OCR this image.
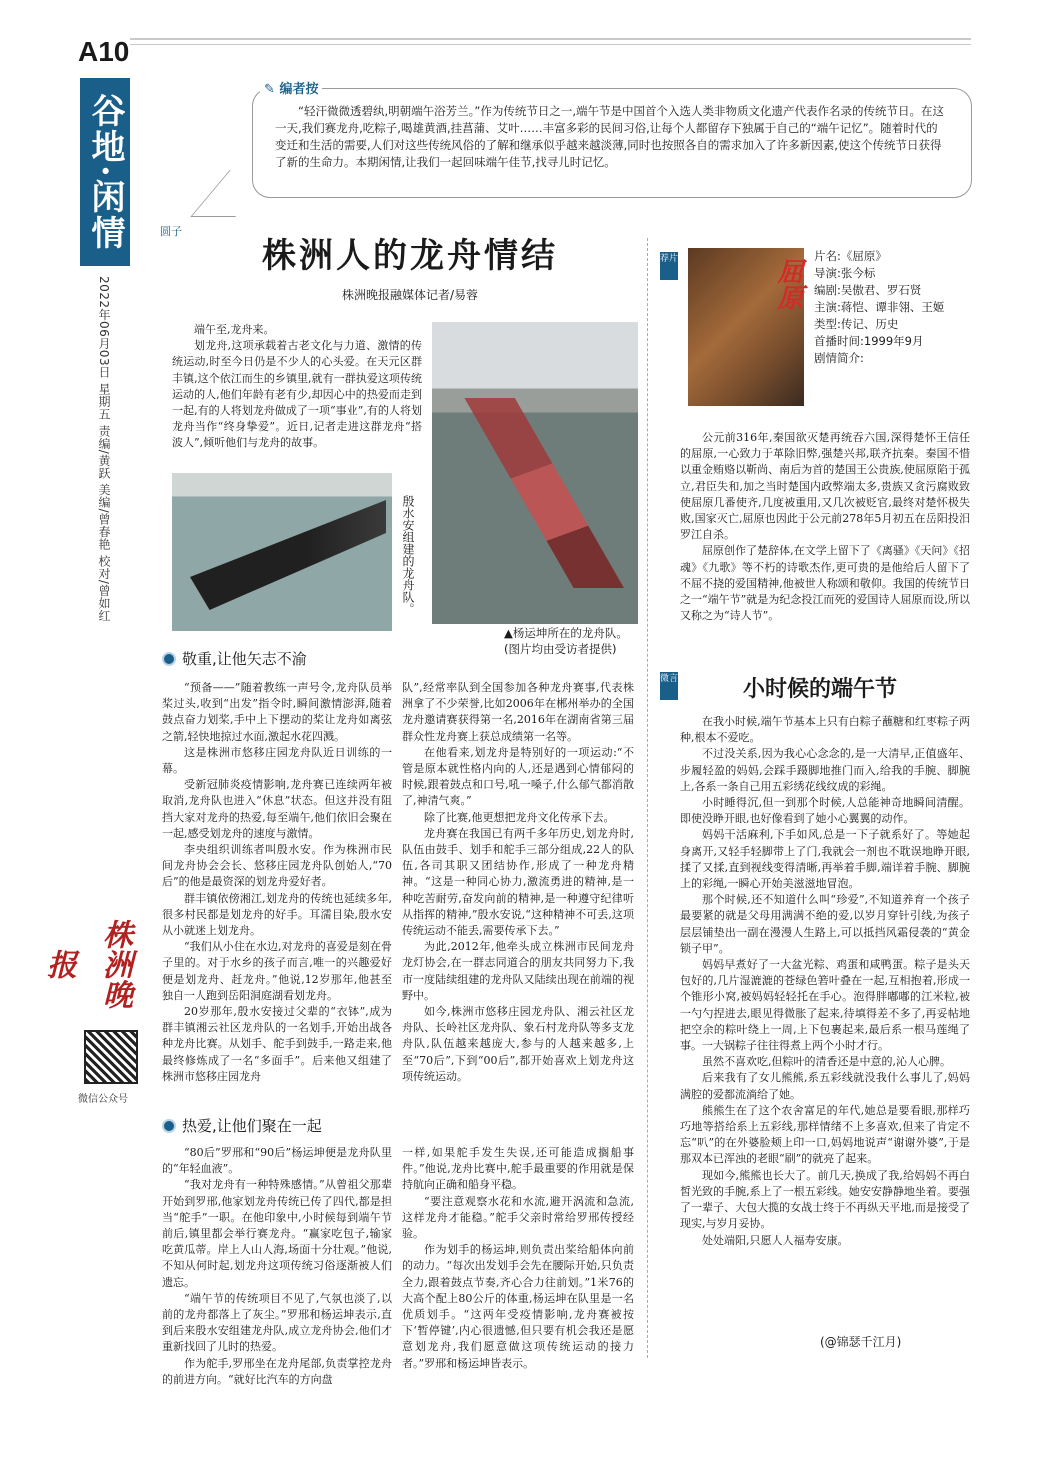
A10
谷地·闲情
2022年06月03日 星期五 责编/黄跃 美编/曾春艳 校对/曾如红
株洲晚报
微信公众号
“轻汗微微透碧纨,明朝端午浴芳兰。”作为传统节日之一,端午节是中国首个入选人类非物质文化遗产代表作名录的传统节日。在这一天,我们赛龙舟,吃粽子,喝雄黄酒,挂菖蒲、艾叶……丰富多彩的民间习俗,让每个人都留存下独属于自己的“端午记忆”。随着时代的变迁和生活的需要,人们对这些传统风俗的了解和继承似乎越来越淡薄,同时也按照各自的需求加入了许多新因素,使这个传统节日获得了新的生命力。本期闲情,让我们一起回味端午佳节,找寻儿时记忆。
✎ 编者按
圆子
株洲人的龙舟情结
株洲晚报融媒体记者/易蓉

端午至,龙舟来。

划龙舟,这项承载着古老文化与力道、激情的传统运动,时至今日仍是不少人的心头爱。在天元区群丰镇,这个依江而生的乡镇里,就有一群执爱这项传统运动的人,他们年龄有老有少,却因心中的热爱而走到一起,有的人将划龙舟做成了一项“事业”,有的人将划龙舟当作“终身挚爱”。近日,记者走进这群龙舟“搭波人”,倾听他们与龙舟的故事。

殷水安组建的龙舟队。
▲杨运坤所在的龙舟队。(图片均由受访者提供)
敬重,让他矢志不渝

“预备——”随着教练一声号令,龙舟队员举桨过头,收到“出发”指令时,瞬间激情澎湃,随着鼓点奋力划桨,手中上下摆动的桨让龙舟如离弦之箭,轻快地掠过水面,激起水花四溅。

这是株洲市悠移庄园龙舟队近日训练的一幕。

受新冠肺炎疫情影响,龙舟赛已连续两年被取消,龙舟队也进入“休息”状态。但这并没有阻挡大家对龙舟的热爱,每至端午,他们依旧会聚在一起,感受划龙舟的速度与激情。

李央组织训练者叫殷水安。作为株洲市民间龙舟协会会长、悠移庄园龙舟队创始人,“70后”的他是最资深的划龙舟爱好者。

群丰镇依傍湘江,划龙舟的传统也延续多年,很多村民都是划龙舟的好手。耳濡目染,殷水安从小就迷上划龙舟。

“我们从小住在水边,对龙舟的喜爱是刻在骨子里的。对于水乡的孩子而言,唯一的兴趣爱好便是划龙舟、赶龙舟。”他说,12岁那年,他甚至独自一人跑到岳阳洞庭湖看划龙舟。

20岁那年,殷水安接过父辈的“衣钵”,成为群丰镇湘云社区龙舟队的一名划手,开始出战各种龙舟比赛。从划手、舵手到鼓手,一路走来,他最终修炼成了一名“多面手”。后来他又组建了株洲市悠移庄园龙舟

队”,经常率队到全国参加各种龙舟赛事,代表株洲拿了不少荣誉,比如2006年在郴州举办的全国龙舟邀请赛获得第一名,2016年在湖南省第三届群众性龙舟赛上获总成绩第一名等。

在他看来,划龙舟是特别好的一项运动:“不管是原本就性格内向的人,还是遇到心情郁闷的时候,跟着鼓点和口号,吼一嗓子,什么郁气都消散了,神清气爽。”

除了比赛,他更想把龙舟文化传承下去。

龙舟赛在我国已有两千多年历史,划龙舟时,队伍由鼓手、划手和舵手三部分组成,22人的队伍,各司其职又团结协作,形成了一种龙舟精神。“这是一种同心协力,激流勇进的精神,是一种吃苦耐劳,奋发向前的精神,是一种遵守纪律听从指挥的精神,”殷水安说,“这种精神不可丢,这项传统运动不能丢,需要传承下去。”

为此,2012年,他牵头成立株洲市民间龙舟龙灯协会,在一群志同道合的朋友共同努力下,我市一度陆续组建的龙舟队又陆续出现在前端的视野中。

如今,株洲市悠移庄园龙舟队、湘云社区龙舟队、长岭社区龙舟队、象石村龙舟队等多支龙舟队,队伍越来越庞大,参与的人越来越多,上至“70后”,下到“00后”,都开始喜欢上划龙舟这项传统运动。

热爱,让他们聚在一起

“80后”罗邢和“90后”杨运坤便是龙舟队里的“年轻血液”。

“我对龙舟有一种特殊感情。”从曾祖父那辈开始到罗邢,他家划龙舟传统已传了四代,都是担当“舵手”一职。在他印象中,小时候每到端午节前后,镇里都会举行赛龙舟。“赢家吃包子,输家吃黄瓜蒂。岸上人山人海,场面十分壮观。”他说,不知从何时起,划龙舟这项传统习俗逐渐被人们遗忘。

“端午节的传统项目不见了,气氛也淡了,以前的龙舟都落上了灰尘。”罗邢和杨运坤表示,直到后来殷水安组建龙舟队,成立龙舟协会,他们才重新找回了儿时的热爱。

作为舵手,罗邢坐在龙舟尾部,负责掌控龙舟的前进方向。“就好比汽车的方向盘

一样,如果舵手发生失误,还可能造成搁船事件。”他说,龙舟比赛中,舵手最重要的作用就是保持航向正确和船身平稳。

“要注意观察水花和水流,避开涡流和急流,这样龙舟才能稳。”舵手父亲时常给罗邢传授经验。

作为划手的杨运坤,则负责出桨给船体向前的动力。“每次出发划手会先在腰际开始,只负责全力,跟着鼓点节奏,齐心合力往前划。”1米76的大高个配上80公斤的体重,杨运坤在队里是一名优质划手。“这两年受疫情影响,龙舟赛被按下‘暂停键’,内心很遗憾,但只要有机会我还是愿意划龙舟,我们愿意做这项传统运动的接力者。”罗邢和杨运坤皆表示。

荐片	屈原
片名:《屈原》
导演:张今标
编剧:吴傲君、罗石贤
主演:蒋恺、谭非翎、王姬
类型:传记、历史
首播时间:1999年9月
剧情简介:

公元前316年,秦国欲灭楚再统吞六国,深得楚怀王信任的屈原,一心致力于革除旧弊,强楚兴邦,联齐抗秦。秦国不惜以重金贿赂以靳尚、南后为首的楚国王公贵族,使屈原陷于孤立,君臣失和,加之当时楚国内政弊端太多,贵族又贪污腐败致使屈原几番使齐,几度被重用,又几次被贬官,最终对楚怀极失败,国家灭亡,屈原也因此于公元前278年5月初五在岳阳投汨罗江自杀。

屈原创作了楚辞体,在文学上留下了《离骚》《天问》《招魂》《九歌》等不朽的诗歌杰作,更可贵的是他给后人留下了不屈不挠的爱国精神,他被世人称颂和敬仰。我国的传统节日之一“端午节”就是为纪念投江而死的爱国诗人屈原而设,所以又称之为“诗人节”。

微言	小时候的端午节

在我小时候,端午节基本上只有白粽子蘸糖和红枣粽子两种,根本不爱吃。

不过没关系,因为我心心念念的,是一大清早,正值盛年、步履轻盈的妈妈,会踩手蹑脚地推门而入,给我的手腕、脚腕上,各系一条自己用五彩绣花线纹成的彩绳。

小时睡得沉,但一到那个时候,人总能神奇地瞬间清醒。即使没睁开眼,也好像看到了她小心翼翼的动作。

妈妈干活麻利,下手如风,总是一下子就系好了。等她起身离开,又轻手轻脚带上了门,我就会一剂也不耽误地睁开眼,揉了又揉,直到视线变得清晰,再举着手脚,端详着手腕、脚腕上的彩绳,一瞬心开始美滋滋地冒泡。

那个时候,还不知道什么叫“珍爱”,不知道养育一个孩子最要紧的就是父母用满满不绝的爱,以岁月穿针引线,为孩子层层铺垫出一副在漫漫人生路上,可以抵挡风霜侵袭的“黄金锁子甲”。

妈妈早煮好了一大盆光粽、鸡蛋和咸鸭蛋。粽子是头天包好的,几片湿漉漉的苍绿色箬叶叠在一起,互相抱着,形成一个锥形小窝,被妈妈轻轻托在手心。泡得胖嘟嘟的江米粒,被一勺勺捏进去,眼见得微胀了起来,待填得差不多了,再妥帖地把空余的粽叶绕上一周,上下包裹起来,最后系一根马莲绳了事。一大锅粽子往往得煮上两个小时才行。

虽然不喜欢吃,但粽叶的清香还是中意的,沁人心脾。

后来我有了女儿熊熊,系五彩线就没我什么事儿了,妈妈满腔的爱都流淌给了她。

熊熊生在了这个农舍富足的年代,她总是要看眼,那样巧巧地等搭给系上五彩线,那样情绪不上多喜欢,但来了肯定不忘“叭”的在外婆脸颊上印一口,妈妈地说声“谢谢外婆”,于是那双本已浑浊的老眼“刷”的就亮了起来。

现如今,熊熊也长大了。前几天,换成了我,给妈妈不再白皙光致的手腕,系上了一根五彩线。她安安静静地坐着。要强了一辈子、大包大揽的女战士终于不再纵天平地,而是接受了现实,与岁月妥协。

处处端阳,只愿人人福寿安康。

(@锦瑟千江月)
